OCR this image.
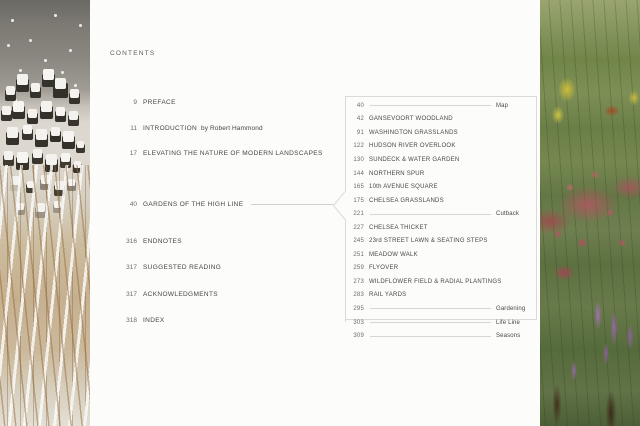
CONTENTS
9 PREFACE
11 INTRODUCTION by Robert Hammond
17 ELEVATING THE NATURE OF MODERN LANDSCAPES
40 GARDENS OF THE HIGH LINE
316 ENDNOTES
317 SUGGESTED READING
317 ACKNOWLEDGMENTS
318 INDEX
40	Map
42 GANSEVOORT WOODLAND
91 WASHINGTON GRASSLANDS
122 HUDSON RIVER OVERLOOK
130 SUNDECK & WATER GARDEN
144 NORTHERN SPUR
165 10th AVENUE SQUARE
175 CHELSEA GRASSLANDS
221	Cutback
227 CHELSEA THICKET
245 23rd STREET LAWN & SEATING STEPS
251 MEADOW WALK
259 FLYOVER
273 WILDFLOWER FIELD & RADIAL PLANTINGS
283 RAIL YARDS
295	Gardening
303	Life Line
309	Seasons
